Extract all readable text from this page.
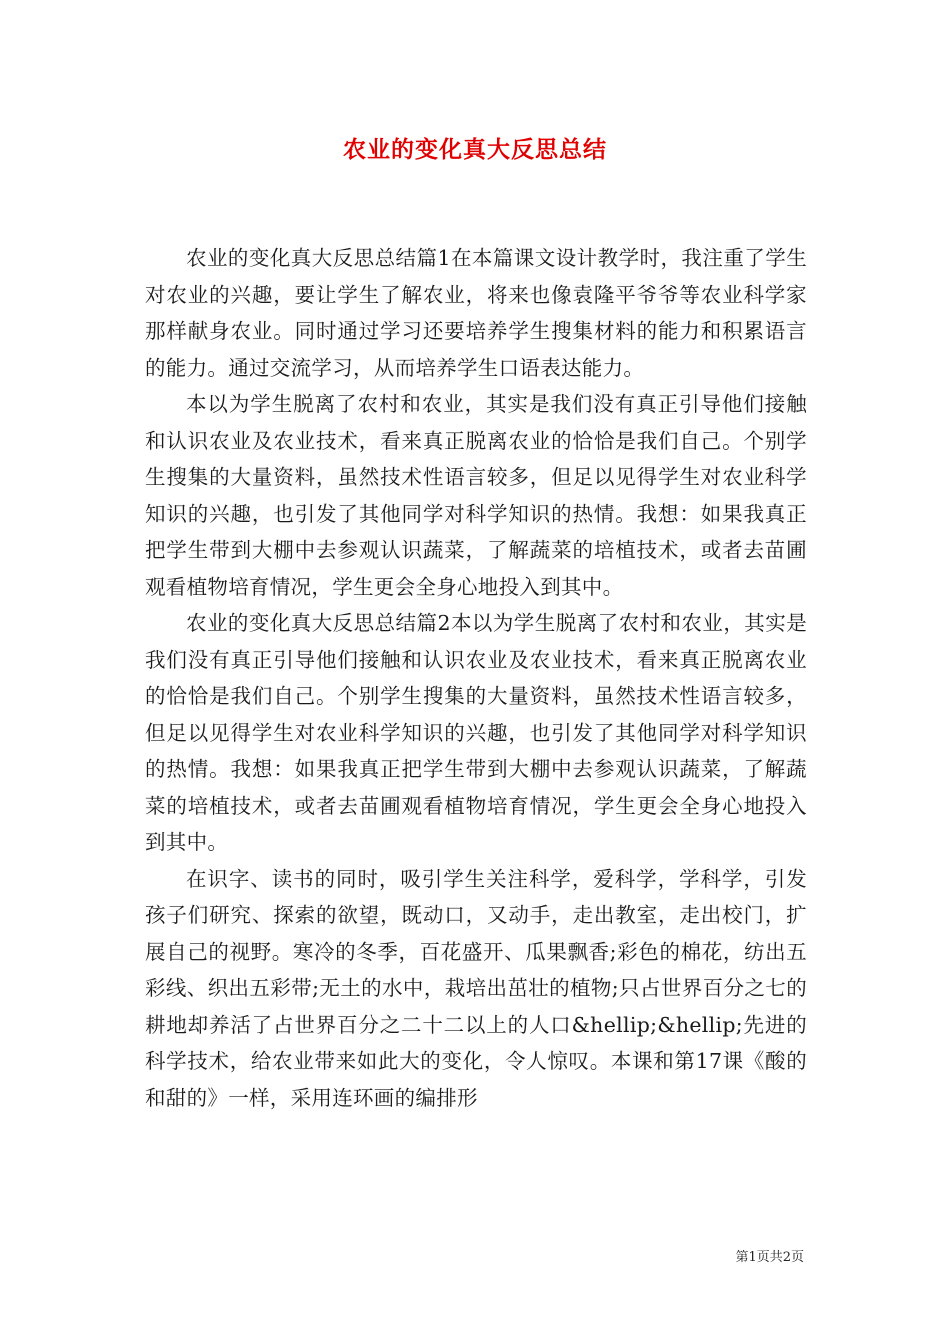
农业的变化真大反思总结

农业的变化真大反思总结篇1在本篇课文设计教学时，我注重了学生对农业的兴趣，要让学生了解农业，将来也像袁隆平爷爷等农业科学家那样献身农业。同时通过学习还要培养学生搜集材料的能力和积累语言的能力。通过交流学习，从而培养学生口语表达能力。

本以为学生脱离了农村和农业，其实是我们没有真正引导他们接触和认识农业及农业技术，看来真正脱离农业的恰恰是我们自己。个别学生搜集的大量资料，虽然技术性语言较多，但足以见得学生对农业科学知识的兴趣，也引发了其他同学对科学知识的热情。我想：如果我真正把学生带到大棚中去参观认识蔬菜，了解蔬菜的培植技术，或者去苗圃观看植物培育情况，学生更会全身心地投入到其中。

农业的变化真大反思总结篇2本以为学生脱离了农村和农业，其实是我们没有真正引导他们接触和认识农业及农业技术，看来真正脱离农业的恰恰是我们自己。个别学生搜集的大量资料，虽然技术性语言较多，但足以见得学生对农业科学知识的兴趣，也引发了其他同学对科学知识的热情。我想：如果我真正把学生带到大棚中去参观认识蔬菜，了解蔬菜的培植技术，或者去苗圃观看植物培育情况，学生更会全身心地投入到其中。

在识字、读书的同时，吸引学生关注科学，爱科学，学科学，引发孩子们研究、探索的欲望，既动口，又动手，走出教室，走出校门，扩展自己的视野。寒冷的冬季，百花盛开、瓜果飘香;彩色的棉花，纺出五彩线、织出五彩带;无土的水中，栽培出茁壮的植物;只占世界百分之七的耕地却养活了占世界百分之二十二以上的人口&hellip;&hellip;先进的科学技术，给农业带来如此大的变化，令人惊叹。本课和第17课《酸的和甜的》一样，采用连环画的编排形

第1页共2页
